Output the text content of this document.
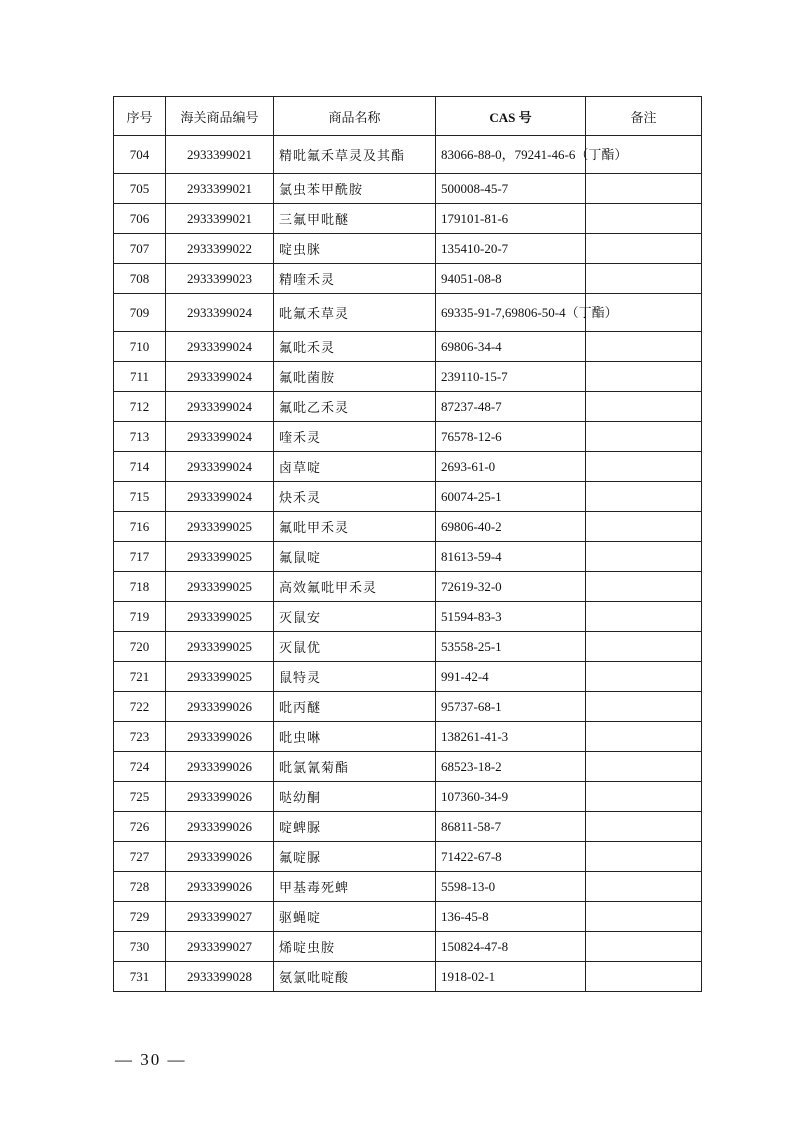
序号	海关商品编号	商品名称	CAS 号	备注
704	2933399021	精吡氟禾草灵及其酯	83066-88-0，79241-46-6（丁酯）	
705	2933399021	氯虫苯甲酰胺	500008-45-7	
706	2933399021	三氟甲吡醚	179101-81-6	
707	2933399022	啶虫脒	135410-20-7	
708	2933399023	精喹禾灵	94051-08-8	
709	2933399024	吡氟禾草灵	69335-91-7,69806-50-4（丁酯）	
710	2933399024	氟吡禾灵	69806-34-4	
711	2933399024	氟吡菌胺	239110-15-7	
712	2933399024	氟吡乙禾灵	87237-48-7	
713	2933399024	喹禾灵	76578-12-6	
714	2933399024	卤草啶	2693-61-0	
715	2933399024	炔禾灵	60074-25-1	
716	2933399025	氟吡甲禾灵	69806-40-2	
717	2933399025	氟鼠啶	81613-59-4	
718	2933399025	高效氟吡甲禾灵	72619-32-0	
719	2933399025	灭鼠安	51594-83-3	
720	2933399025	灭鼠优	53558-25-1	
721	2933399025	鼠特灵	991-42-4	
722	2933399026	吡丙醚	95737-68-1	
723	2933399026	吡虫啉	138261-41-3	
724	2933399026	吡氯氰菊酯	68523-18-2	
725	2933399026	哒幼酮	107360-34-9	
726	2933399026	啶蜱脲	86811-58-7	
727	2933399026	氟啶脲	71422-67-8	
728	2933399026	甲基毒死蜱	5598-13-0	
729	2933399027	驱蝇啶	136-45-8	
730	2933399027	烯啶虫胺	150824-47-8	
731	2933399028	氨氯吡啶酸	1918-02-1	
— 30 —
